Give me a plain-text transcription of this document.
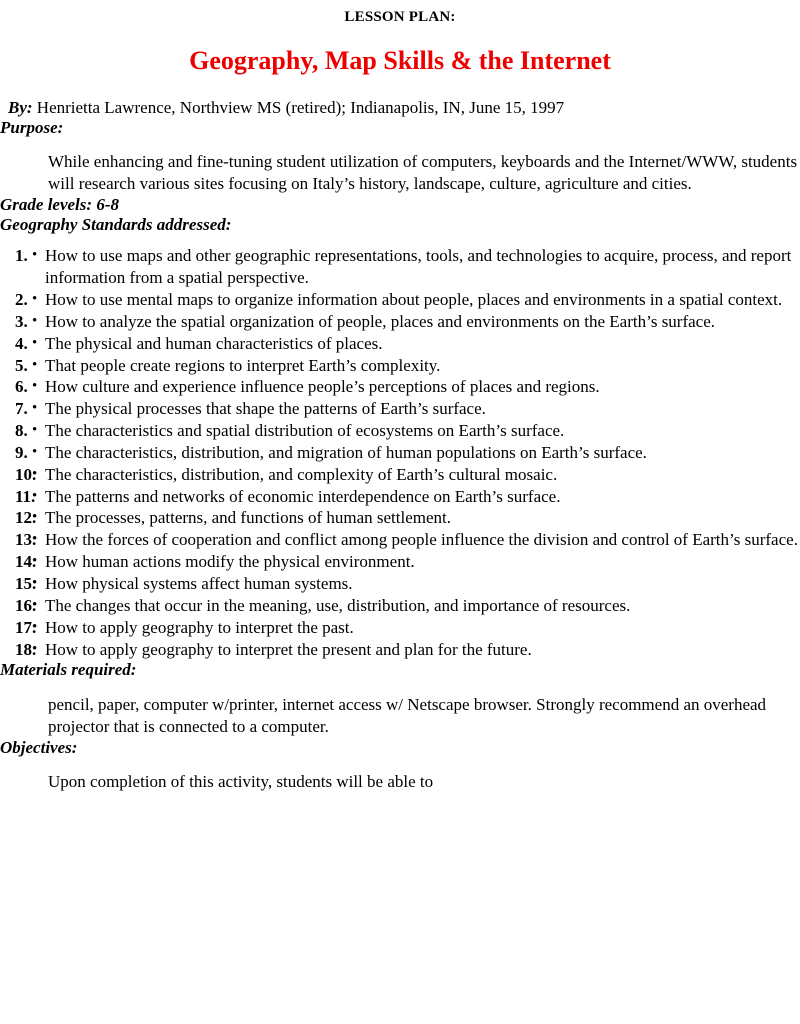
LESSON PLAN:
Geography, Map Skills & the Internet
By: Henrietta Lawrence, Northview MS (retired); Indianapolis, IN, June 15, 1997
Purpose:

While enhancing and fine-tuning student utilization of computers, keyboards and the Internet/WWW, students will research various sites focusing on Italy’s history, landscape, culture, agriculture and cities.

Grade levels: 6-8
Geography Standards addressed:
• 1. How to use maps and other geographic representations, tools, and technologies to acquire, process, and report information from a spatial perspective.
• 2. How to use mental maps to organize information about people, places and environments in a spatial context.
• 3. How to analyze the spatial organization of people, places and environments on the Earth’s surface.
• 4. The physical and human characteristics of places.
• 5. That people create regions to interpret Earth’s complexity.
• 6. How culture and experience influence people’s perceptions of places and regions.
• 7. The physical processes that shape the patterns of Earth’s surface.
• 8. The characteristics and spatial distribution of ecosystems on Earth’s surface.
• 9. The characteristics, distribution, and migration of human populations on Earth’s surface.
• 10. The characteristics, distribution, and complexity of Earth’s cultural mosaic.
• 11. The patterns and networks of economic interdependence on Earth’s surface.
• 12. The processes, patterns, and functions of human settlement.
• 13. How the forces of cooperation and conflict among people influence the division and control of Earth’s surface.
• 14. How human actions modify the physical environment.
• 15. How physical systems affect human systems.
• 16. The changes that occur in the meaning, use, distribution, and importance of resources.
• 17. How to apply geography to interpret the past.
• 18. How to apply geography to interpret the present and plan for the future.
Materials required:

pencil, paper, computer w/printer, internet access w/ Netscape browser. Strongly recommend an overhead projector that is connected to a computer.

Objectives:

Upon completion of this activity, students will be able to
